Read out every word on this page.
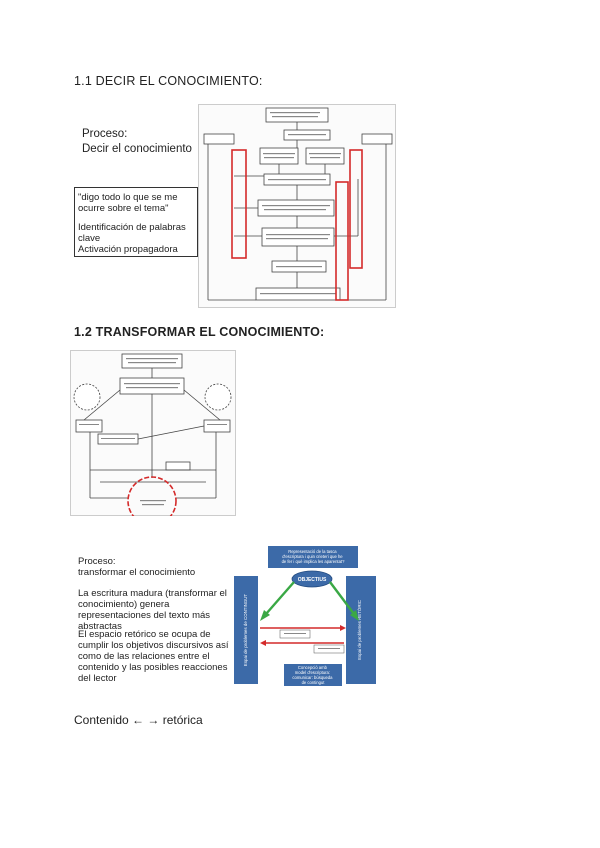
1.1 DECIR EL CONOCIMIENTO:
Proceso:
Decir el conocimiento
"digo todo lo que se me ocurre sobre el tema"
Identificación de palabras clave
Activación propagadora
1.2 TRANSFORMAR EL CONOCIMIENTO:
Proceso:
transformar el conocimiento
La escritura madura (transformar el conocimiento) genera representaciones del texto más abstractas
El espacio retórico se ocupa de cumplir los objetivos discursivos así como de las relaciones entre el contenido y las posibles reacciones del lector
Representació de la tasca d'escriptura i quin crieteri que he de fer i què implica les aparentat?
Espai de problemes de CONTINGUT	Espai de problemes RETÒRIC
OBJECTIUS
Concepció amb model d'escriptura: comunicar: búsqueda de contingut
Contenido ← → retórica
